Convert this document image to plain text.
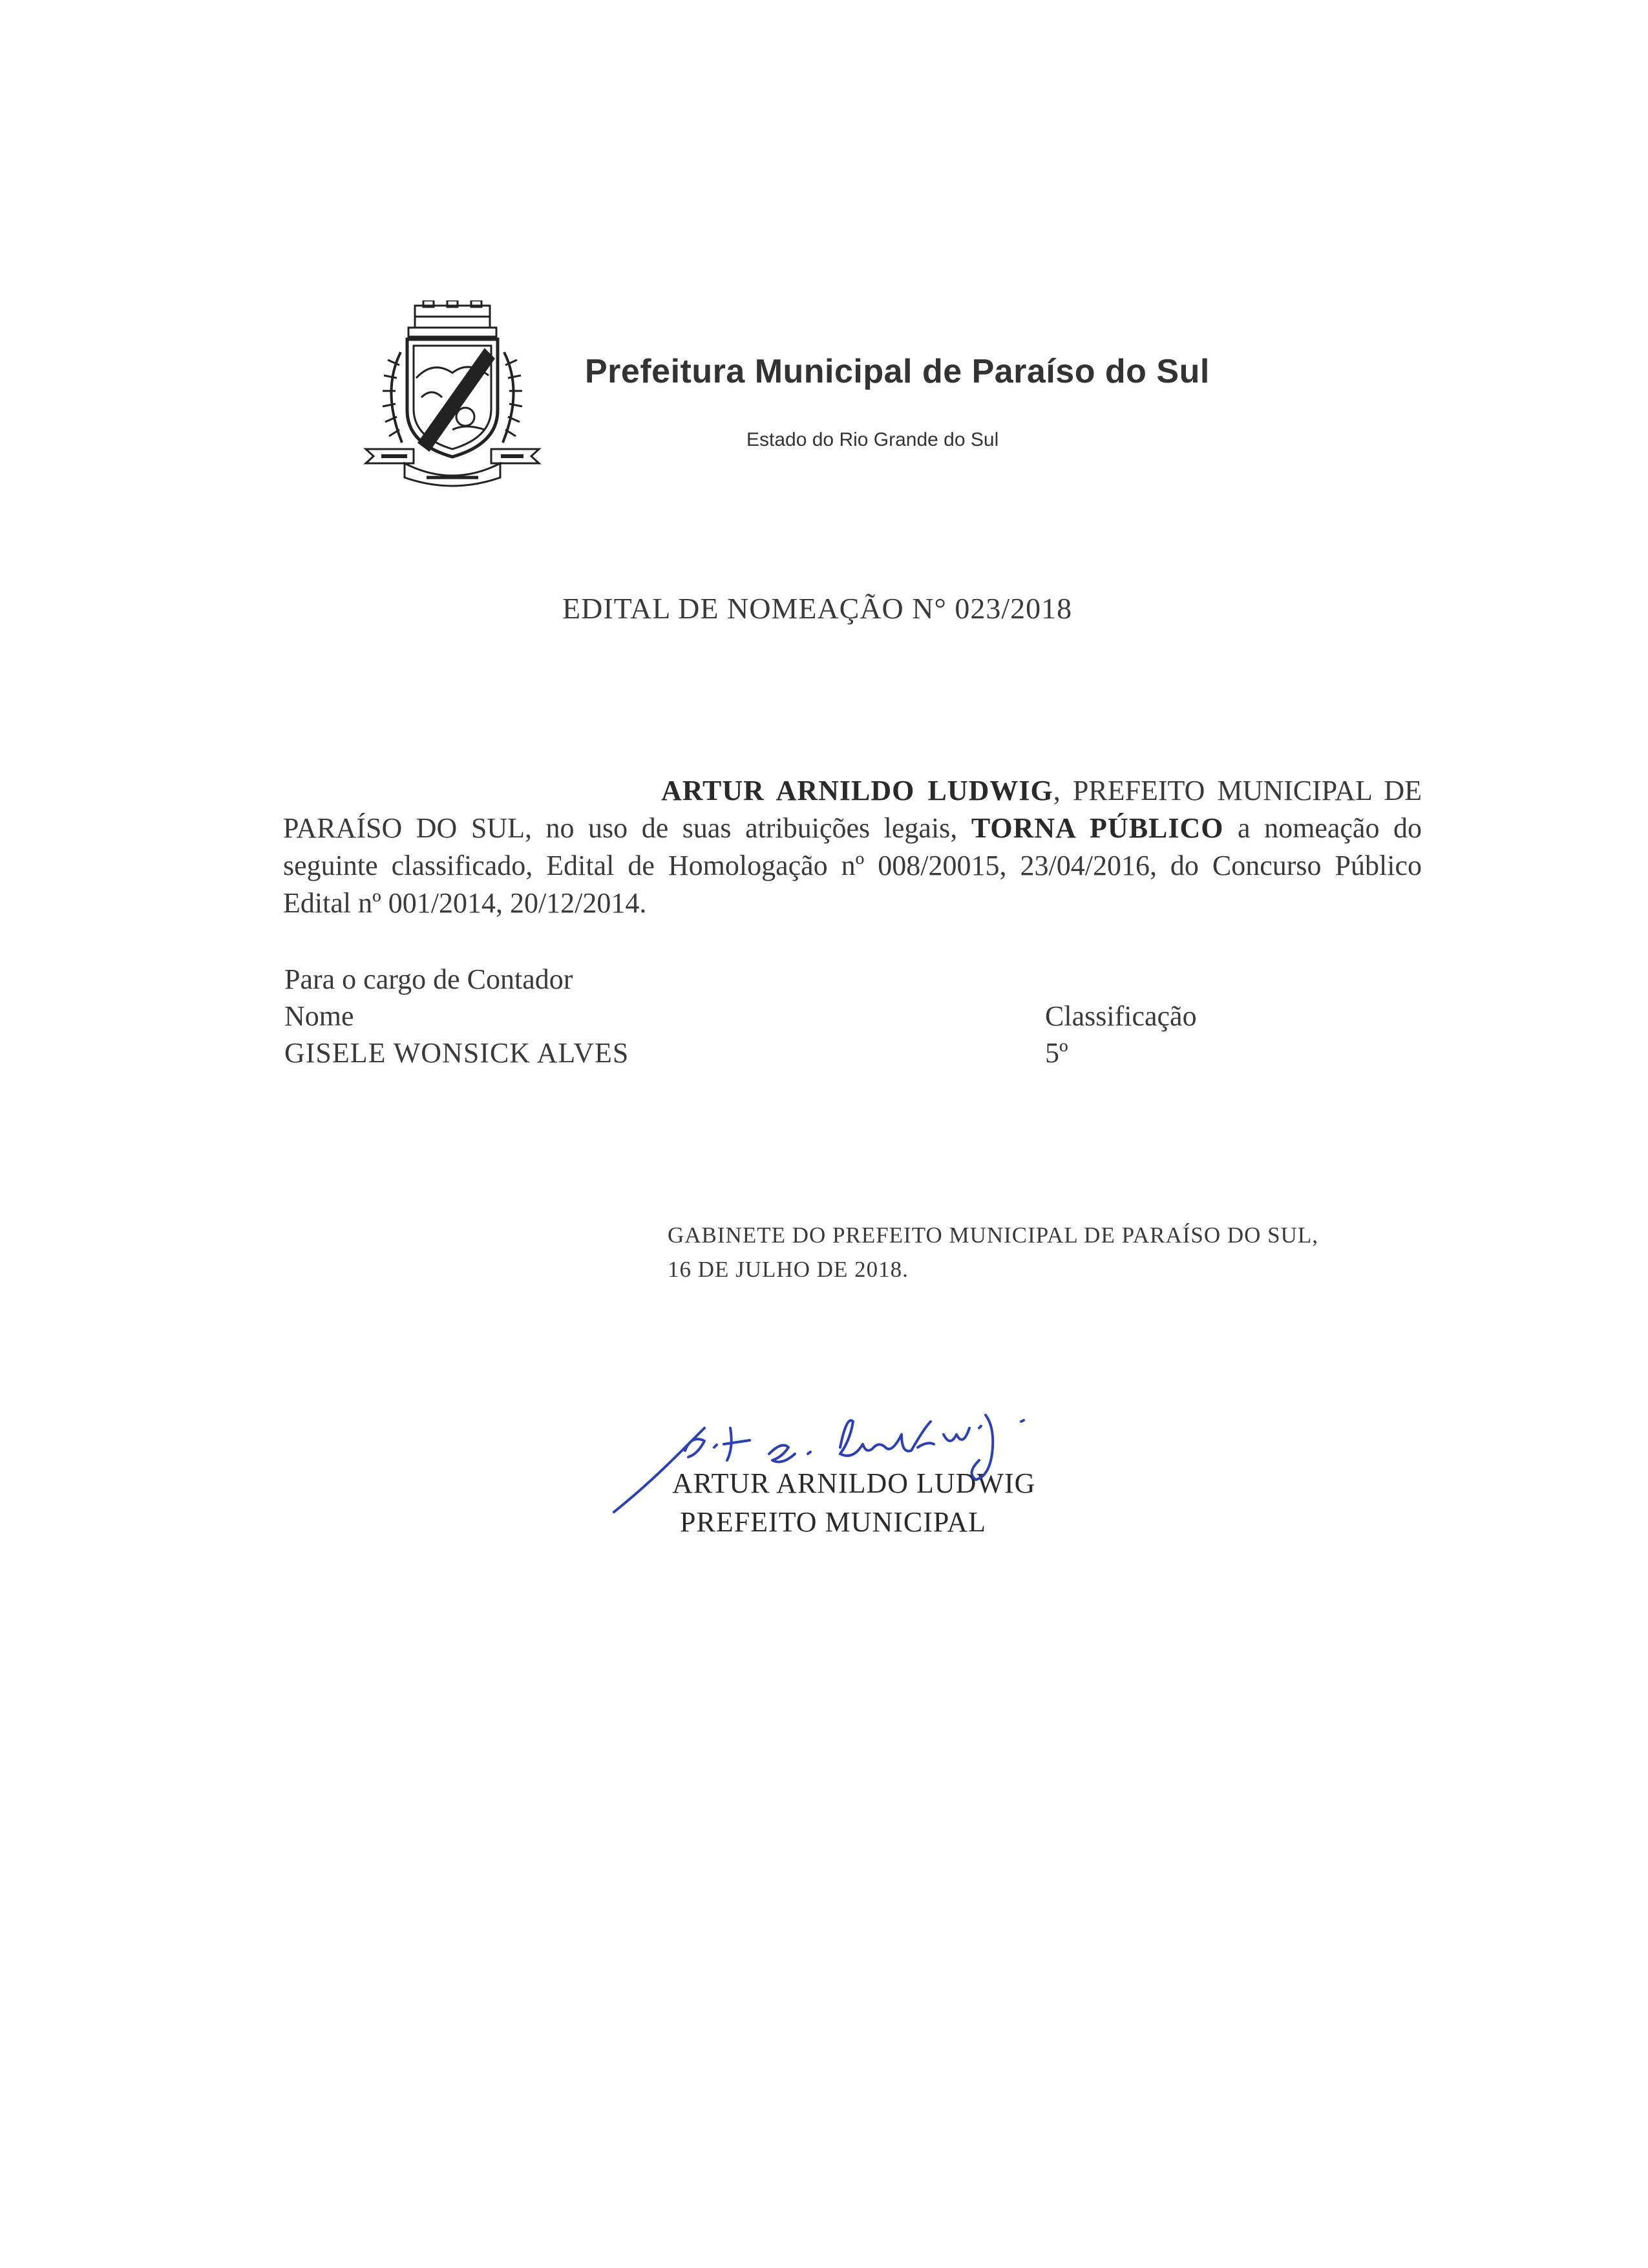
Prefeitura Municipal de Paraíso do Sul
Estado do Rio Grande do Sul
EDITAL DE NOMEAÇÃO N° 023/2018
ARTUR ARNILDO LUDWIG, PREFEITO MUNICIPAL DE PARAÍSO DO SUL, no uso de suas atribuições legais, TORNA PÚBLICO a nomeação do seguinte classificado, Edital de Homologação nº 008/20015, 23/04/2016, do Concurso Público Edital nº 001/2014, 20/12/2014.
Para o cargo de Contador
Nome	Classificação
GISELE WONSICK ALVES	5º
GABINETE DO PREFEITO MUNICIPAL DE PARAÍSO DO SUL,
16 DE JULHO DE 2018.
ARTUR ARNILDO LUDWIG
PREFEITO MUNICIPAL
